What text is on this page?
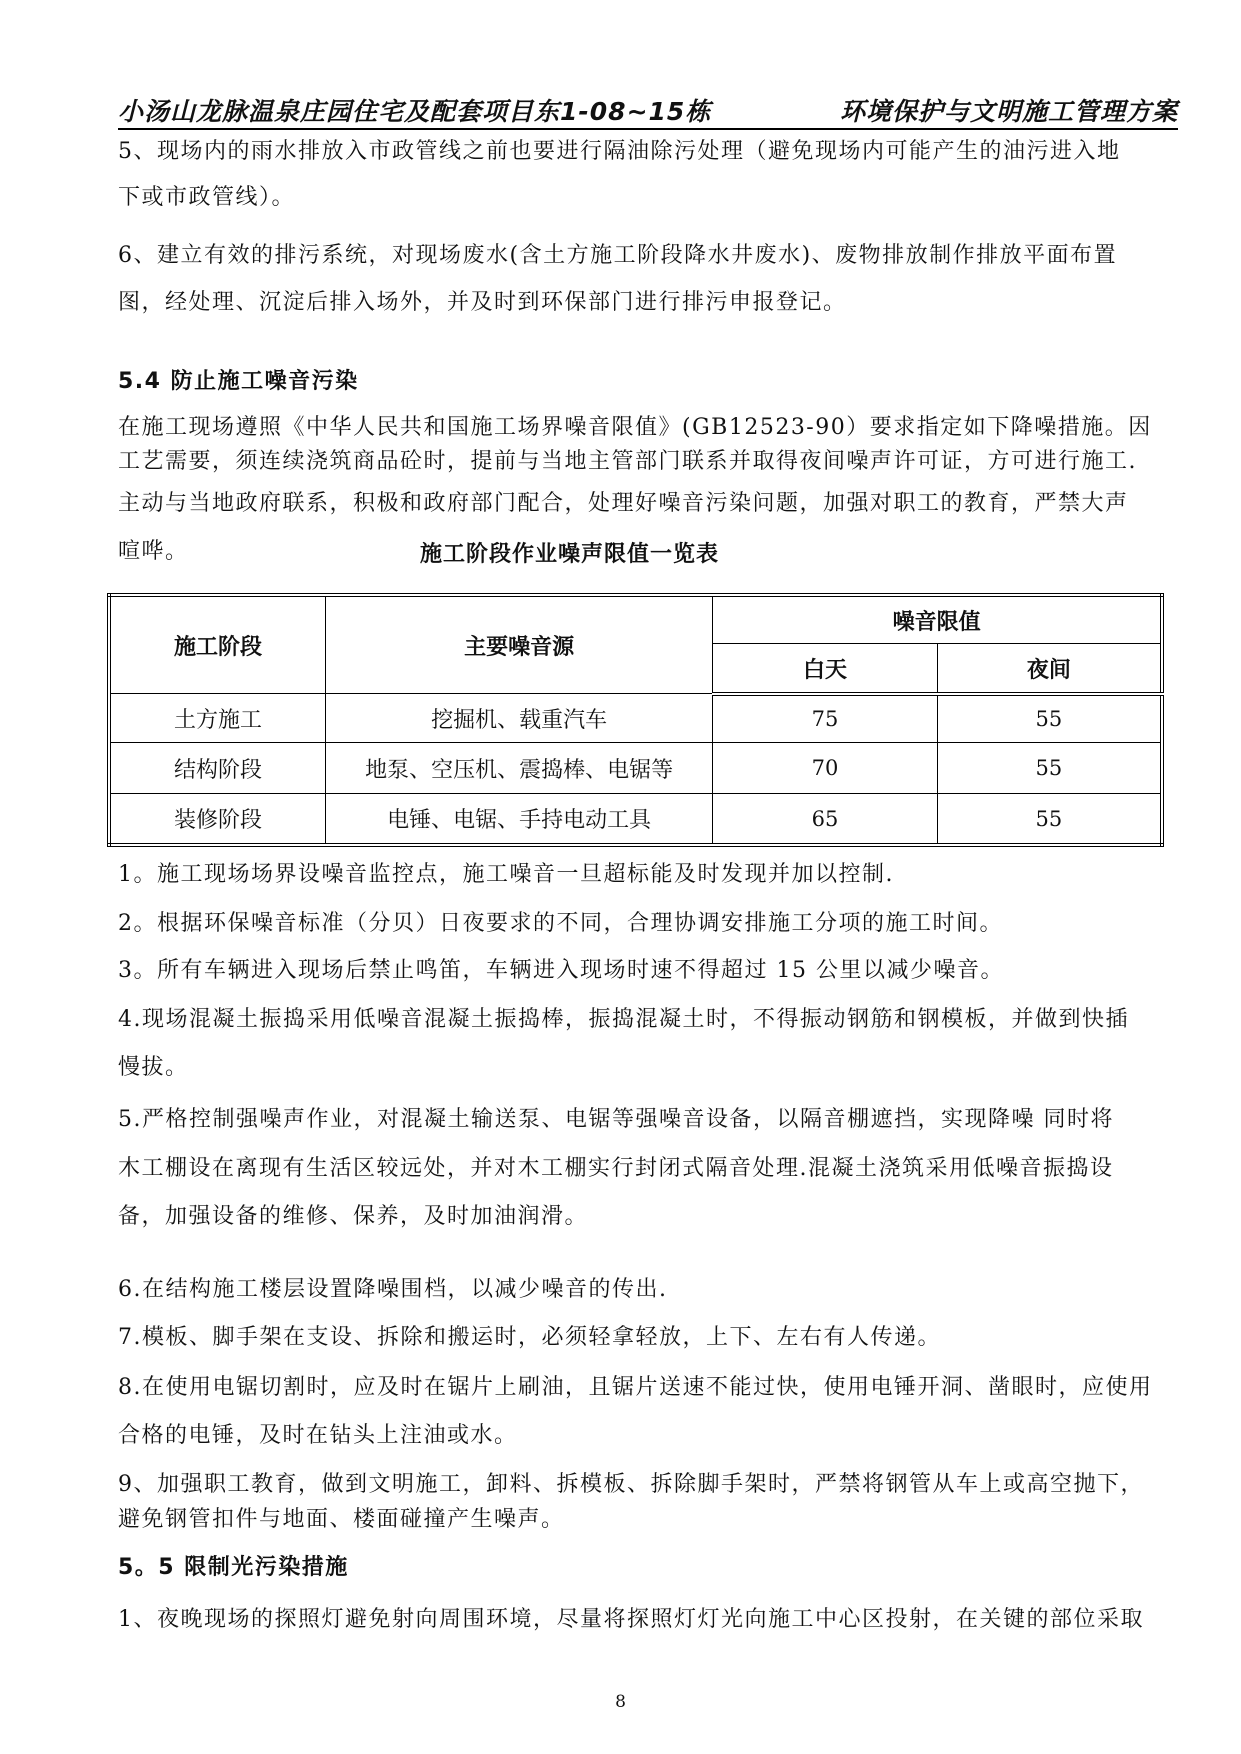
小汤山龙脉温泉庄园住宅及配套项目东1-08~15栋	环境保护与文明施工管理方案
5、现场内的雨水排放入市政管线之前也要进行隔油除污处理（避免现场内可能产生的油污进入地
下或市政管线）。
6、建立有效的排污系统，对现场废水(含土方施工阶段降水井废水)、废物排放制作排放平面布置
图，经处理、沉淀后排入场外，并及时到环保部门进行排污申报登记。
5.4 防止施工噪音污染
在施工现场遵照《中华人民共和国施工场界噪音限值》(GB12523-90）要求指定如下降噪措施。因
工艺需要，须连续浇筑商品砼时，提前与当地主管部门联系并取得夜间噪声许可证，方可进行施工.
主动与当地政府联系，积极和政府部门配合，处理好噪音污染问题，加强对职工的教育，严禁大声
喧哗。	施工阶段作业噪声限值一览表
施工阶段	主要噪音源	噪音限值	
		白天	夜间
土方施工	挖掘机、载重汽车	75	55
结构阶段	地泵、空压机、震捣棒、电锯等	70	55
装修阶段	电锤、电锯、手持电动工具	65	55
1。施工现场场界设噪音监控点，施工噪音一旦超标能及时发现并加以控制.
2。根据环保噪音标准（分贝）日夜要求的不同，合理协调安排施工分项的施工时间。
3。所有车辆进入现场后禁止鸣笛，车辆进入现场时速不得超过 15 公里以减少噪音。
4.现场混凝土振捣采用低噪音混凝土振捣棒，振捣混凝土时，不得振动钢筋和钢模板，并做到快插
慢拔。
5.严格控制强噪声作业，对混凝土输送泵、电锯等强噪音设备，以隔音棚遮挡，实现降噪 同时将
木工棚设在离现有生活区较远处，并对木工棚实行封闭式隔音处理.混凝土浇筑采用低噪音振捣设
备，加强设备的维修、保养，及时加油润滑。
6.在结构施工楼层设置降噪围档，以减少噪音的传出.
7.模板、脚手架在支设、拆除和搬运时，必须轻拿轻放，上下、左右有人传递。
8.在使用电锯切割时，应及时在锯片上刷油，且锯片送速不能过快，使用电锤开洞、凿眼时，应使用
合格的电锤，及时在钻头上注油或水。
9、加强职工教育，做到文明施工，卸料、拆模板、拆除脚手架时，严禁将钢管从车上或高空抛下，
避免钢管扣件与地面、楼面碰撞产生噪声。
5。5 限制光污染措施
1、夜晚现场的探照灯避免射向周围环境，尽量将探照灯灯光向施工中心区投射，在关键的部位采取
8
